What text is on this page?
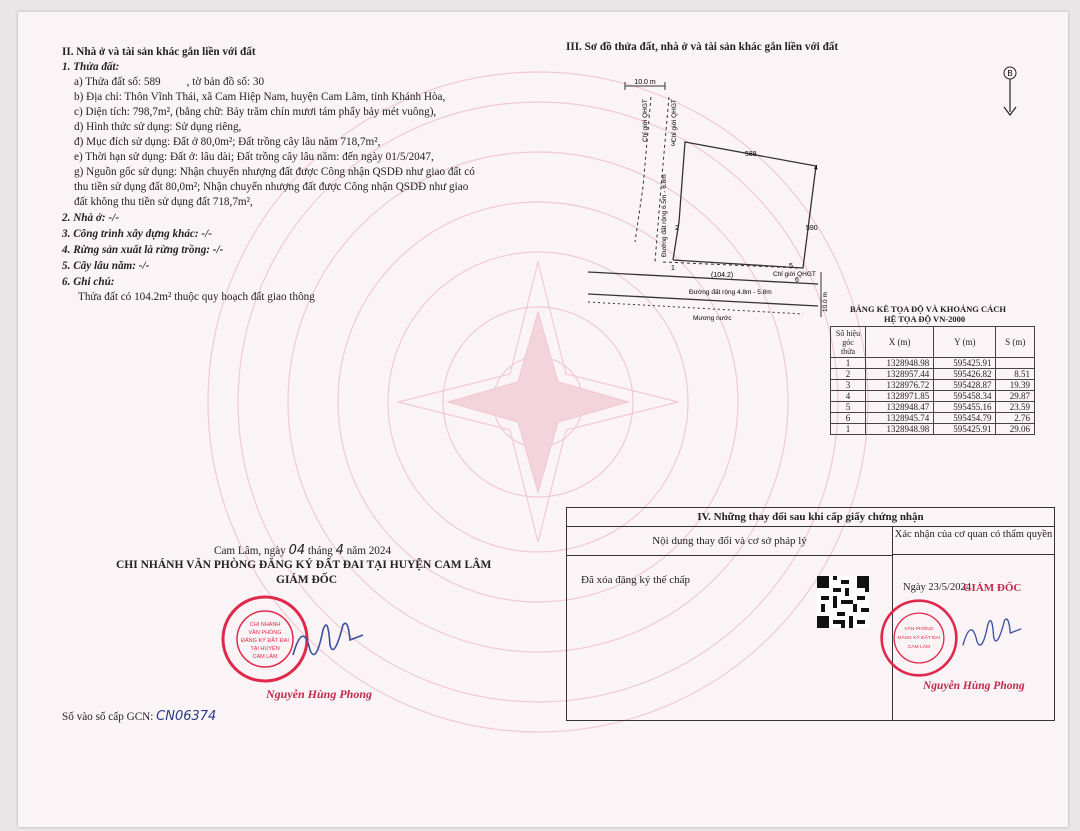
II. Nhà ở và tài sản khác gắn liền với đất
1. Thửa đất:
a) Thửa đất số: 589 , tờ bản đồ số: 30
b) Địa chỉ: Thôn Vĩnh Thái, xã Cam Hiệp Nam, huyện Cam Lâm, tỉnh Khánh Hòa,
c) Diện tích: 798,7m², (bằng chữ: Bảy trăm chín mươi tám phẩy bảy mét vuông),
d) Hình thức sử dụng: Sử dụng riêng,
đ) Mục đích sử dụng: Đất ở 80,0m²; Đất trồng cây lâu năm 718,7m²,
e) Thời hạn sử dụng: Đất ở: lâu dài; Đất trồng cây lâu năm: đến ngày 01/5/2047,
g) Nguồn gốc sử dụng: Nhận chuyển nhượng đất được Công nhận QSDĐ như giao đất có
thu tiền sử dụng đất 80,0m²; Nhận chuyển nhượng đất được Công nhận QSDĐ như giao
đất không thu tiền sử dụng đất 718,7m²,
2. Nhà ở: -/-
3. Công trình xây dựng khác: -/-
4. Rừng sản xuất là rừng trồng: -/-
5. Cây lâu năm: -/-
6. Ghi chú:
Thửa đất có 104.2m² thuộc quy hoạch đất giao thông
Cam Lâm, ngày 04 tháng 4 năm 2024
CHI NHÁNH VĂN PHÒNG ĐĂNG KÝ ĐẤT ĐAI TẠI HUYỆN CAM LÂM
GIÁM ĐỐC
CHI NHÁNH
VĂN PHÒNG
ĐĂNG KÝ ĐẤT ĐAI
TẠI HUYỆN
CAM LÂM
Nguyễn Hùng Phong
Số vào sổ cấp GCN: CN06374
III. Sơ đồ thửa đất, nhà ở và tài sản khác gắn liền với đất
B
10.0 m
588
590
(104.2)	Chỉ giới QHGT
Đường đất rộng 4.8m - 5.8m
Mương nước
10.0 m
Chỉ giới QHGT	Chỉ giới QHGT
Đường đất rộng 6.5m - 6.8m
1
2
3
4
5
6
BẢNG KÊ TỌA ĐỘ VÀ KHOẢNG CÁCH
HỆ TỌA ĐỘ VN-2000
Số hiệu góc thửa	X (m)	Y (m)	S (m)
1	1328948.98	595425.91	
2	1328957.44	595426.82	8.51
3	1328976.72	595428.87	19.39
4	1328971.85	595458.34	29.87
5	1328948.47	595455.16	23.59
6	1328945.74	595454.79	2.76
1	1328948.98	595425.91	29.06
IV. Những thay đổi sau khi cấp giấy chứng nhận
Nội dung thay đổi và cơ sở pháp lý
Xác nhận của cơ quan có thẩm quyền
Đã xóa đăng ký thế chấp
Ngày 23/5/2024
GIÁM ĐỐC
VĂN PHÒNG
ĐĂNG KÝ ĐẤT ĐAI
CAM LÂM
Nguyễn Hùng Phong
